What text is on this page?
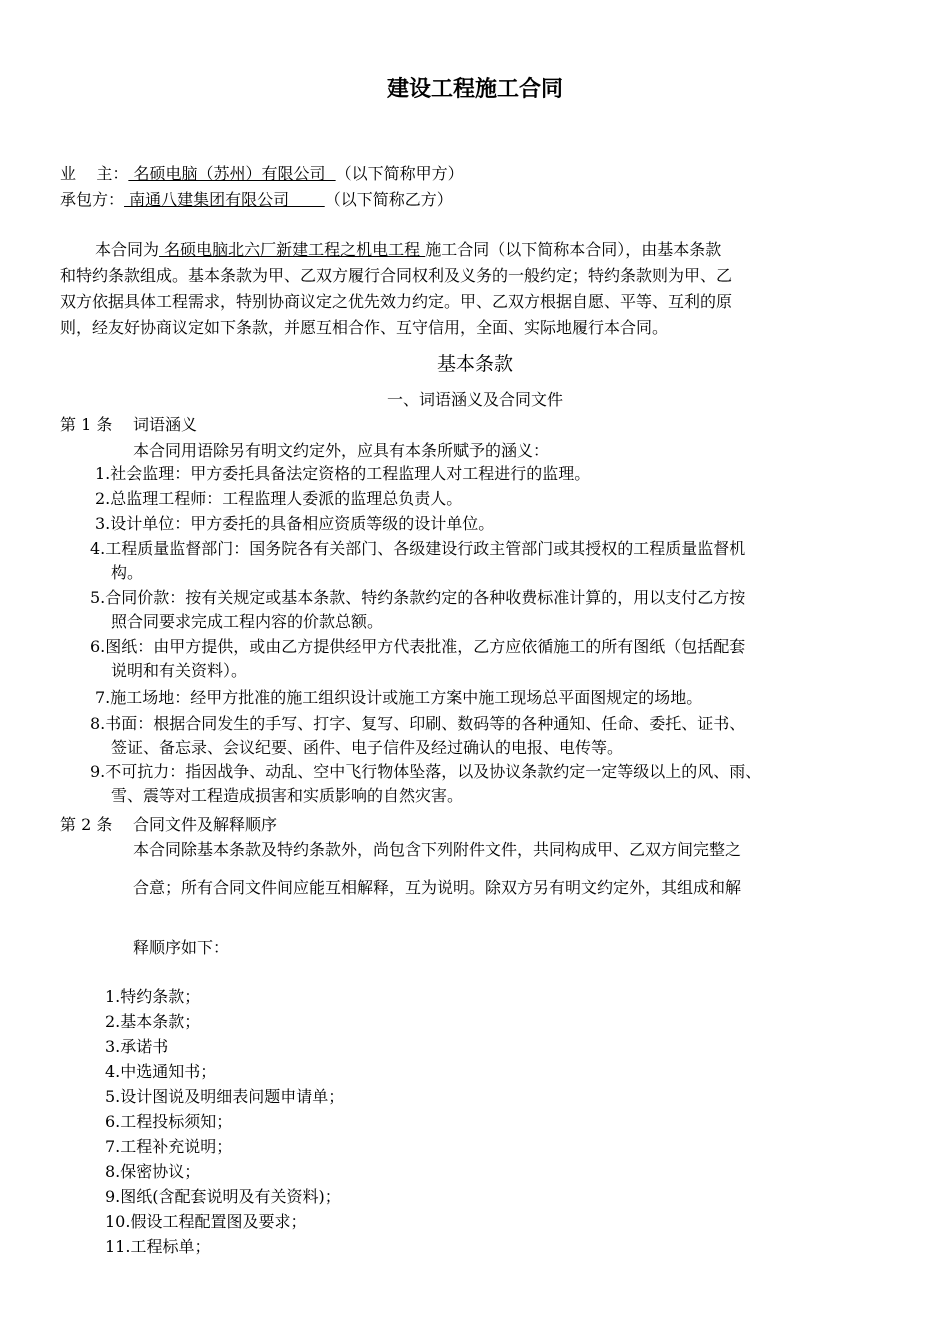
建设工程施工合同
业    主： 名硕电脑（苏州）有限公司  （以下简称甲方）
承包方： 南通八建集团有限公司       （以下简称乙方）
本合同为 名硕电脑北六厂新建工程之机电工程 施工合同（以下简称本合同），由基本条款
和特约条款组成。基本条款为甲、乙双方履行合同权利及义务的一般约定；特约条款则为甲、乙
双方依据具体工程需求，特别协商议定之优先效力约定。甲、乙双方根据自愿、平等、互利的原
则，经友好协商议定如下条款，并愿互相合作、互守信用，全面、实际地履行本合同。
基本条款
一、词语涵义及合同文件
第 1 条 词语涵义
本合同用语除另有明文约定外，应具有本条所赋予的涵义：
1.社会监理：甲方委托具备法定资格的工程监理人对工程进行的监理。
2.总监理工程师：工程监理人委派的监理总负责人。
3.设计单位：甲方委托的具备相应资质等级的设计单位。
4.工程质量监督部门：国务院各有关部门、各级建设行政主管部门或其授权的工程质量监督机
构。
5.合同价款：按有关规定或基本条款、特约条款约定的各种收费标准计算的，用以支付乙方按
照合同要求完成工程内容的价款总额。
6.图纸：由甲方提供，或由乙方提供经甲方代表批准，乙方应依循施工的所有图纸（包括配套
说明和有关资料）。
7.施工场地：经甲方批准的施工组织设计或施工方案中施工现场总平面图规定的场地。
8.书面：根据合同发生的手写、打字、复写、印刷、数码等的各种通知、任命、委托、证书、
签证、备忘录、会议纪要、函件、电子信件及经过确认的电报、电传等。
9.不可抗力：指因战争、动乱、空中飞行物体坠落，以及协议条款约定一定等级以上的风、雨、
雪、震等对工程造成损害和实质影响的自然灾害。
第 2 条 合同文件及解释顺序
本合同除基本条款及特约条款外，尚包含下列附件文件，共同构成甲、乙双方间完整之
合意；所有合同文件间应能互相解释，互为说明。除双方另有明文约定外，其组成和解
释顺序如下：
1.特约条款；
2.基本条款；
3.承诺书
4.中选通知书；
5.设计图说及明细表问题申请单；
6.工程投标须知；
7.工程补充说明；
8.保密协议；
9.图纸(含配套说明及有关资料)；
10.假设工程配置图及要求；
11.工程标单；
